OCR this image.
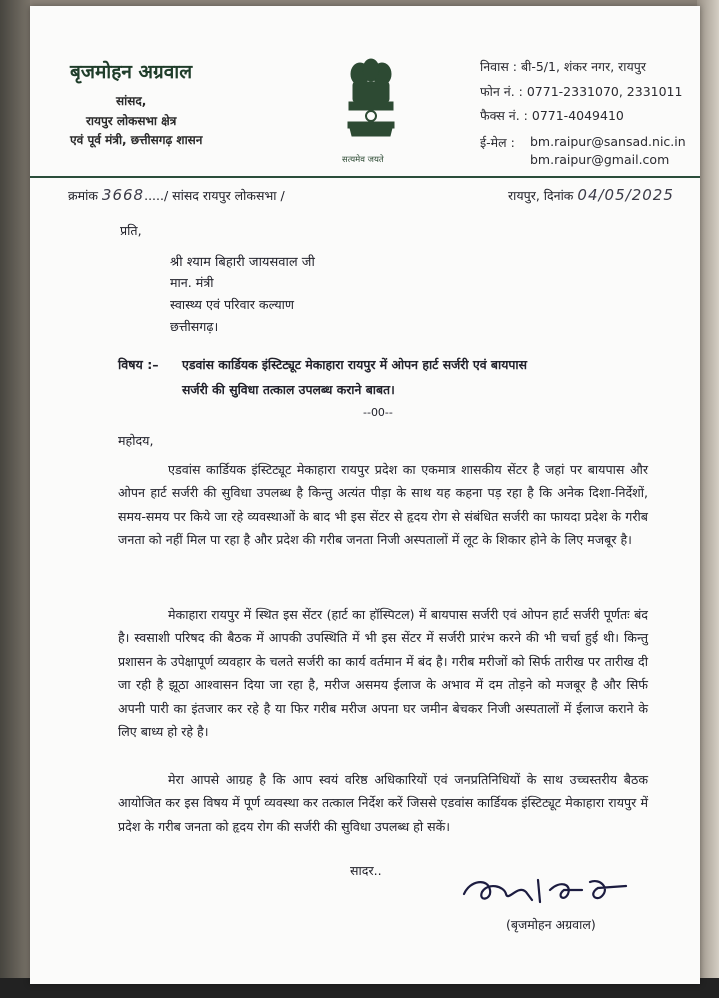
बृजमोहन अग्रवाल
सांसद,
रायपुर लोकसभा क्षेत्र
एवं पूर्व मंत्री, छत्तीसगढ़ शासन
सत्यमेव जयते
निवास : बी-5/1, शंकर नगर, रायपुर
फोन नं. : 0771-2331070, 2331011
फैक्स नं. : 0771-4049410
ई-मेल : bm.raipur@sansad.nic.in
bm.raipur@gmail.com
क्रमांक 3668...../ सांसद रायपुर लोकसभा /	रायपुर, दिनांक 04/05/2025
प्रति,
श्री श्याम बिहारी जायसवाल जी
मान. मंत्री
स्वास्थ्य एवं परिवार कल्याण
छत्तीसगढ़।
विषय :– एडवांस कार्डियक इंस्टिट्यूट मेकाहारा रायपुर में ओपन हार्ट सर्जरी एवं बायपास
सर्जरी की सुविधा तत्काल उपलब्ध कराने बाबत।
--00--
महोदय,
एडवांस कार्डियक इंस्टिट्यूट मेकाहारा रायपुर प्रदेश का एकमात्र शासकीय सेंटर है जहां पर बायपास और ओपन हार्ट सर्जरी की सुविधा उपलब्ध है किन्तु अत्यंत पीड़ा के साथ यह कहना पड़ रहा है कि अनेक दिशा-निर्देशों, समय-समय पर किये जा रहे व्यवस्थाओं के बाद भी इस सेंटर से हृदय रोग से संबंधित सर्जरी का फायदा प्रदेश के गरीब जनता को नहीं मिल पा रहा है और प्रदेश की गरीब जनता निजी अस्पतालों में लूट के शिकार होने के लिए मजबूर है।
मेकाहारा रायपुर में स्थित इस सेंटर (हार्ट का हॉस्पिटल) में बायपास सर्जरी एवं ओपन हार्ट सर्जरी पूर्णतः बंद है। स्वसाशी परिषद की बैठक में आपकी उपस्थिति में भी इस सेंटर में सर्जरी प्रारंभ करने की भी चर्चा हुई थी। किन्तु प्रशासन के उपेक्षापूर्ण व्यवहार के चलते सर्जरी का कार्य वर्तमान में बंद है। गरीब मरीजों को सिर्फ तारीख पर तारीख दी जा रही है झूठा आश्वासन दिया जा रहा है, मरीज असमय ईलाज के अभाव में दम तोड़ने को मजबूर है और सिर्फ अपनी पारी का इंतजार कर रहे है या फिर गरीब मरीज अपना घर जमीन बेचकर निजी अस्पतालों में ईलाज कराने के लिए बाध्य हो रहे है।
मेरा आपसे आग्रह है कि आप स्वयं वरिष्ठ अधिकारियों एवं जनप्रतिनिधियों के साथ उच्चस्तरीय बैठक आयोजित कर इस विषय में पूर्ण व्यवस्था कर तत्काल निर्देश करें जिससे एडवांस कार्डियक इंस्टिट्यूट मेकाहारा रायपुर में प्रदेश के गरीब जनता को हृदय रोग की सर्जरी की सुविधा उपलब्ध हो सकें।
सादर..
(बृजमोहन अग्रवाल)
